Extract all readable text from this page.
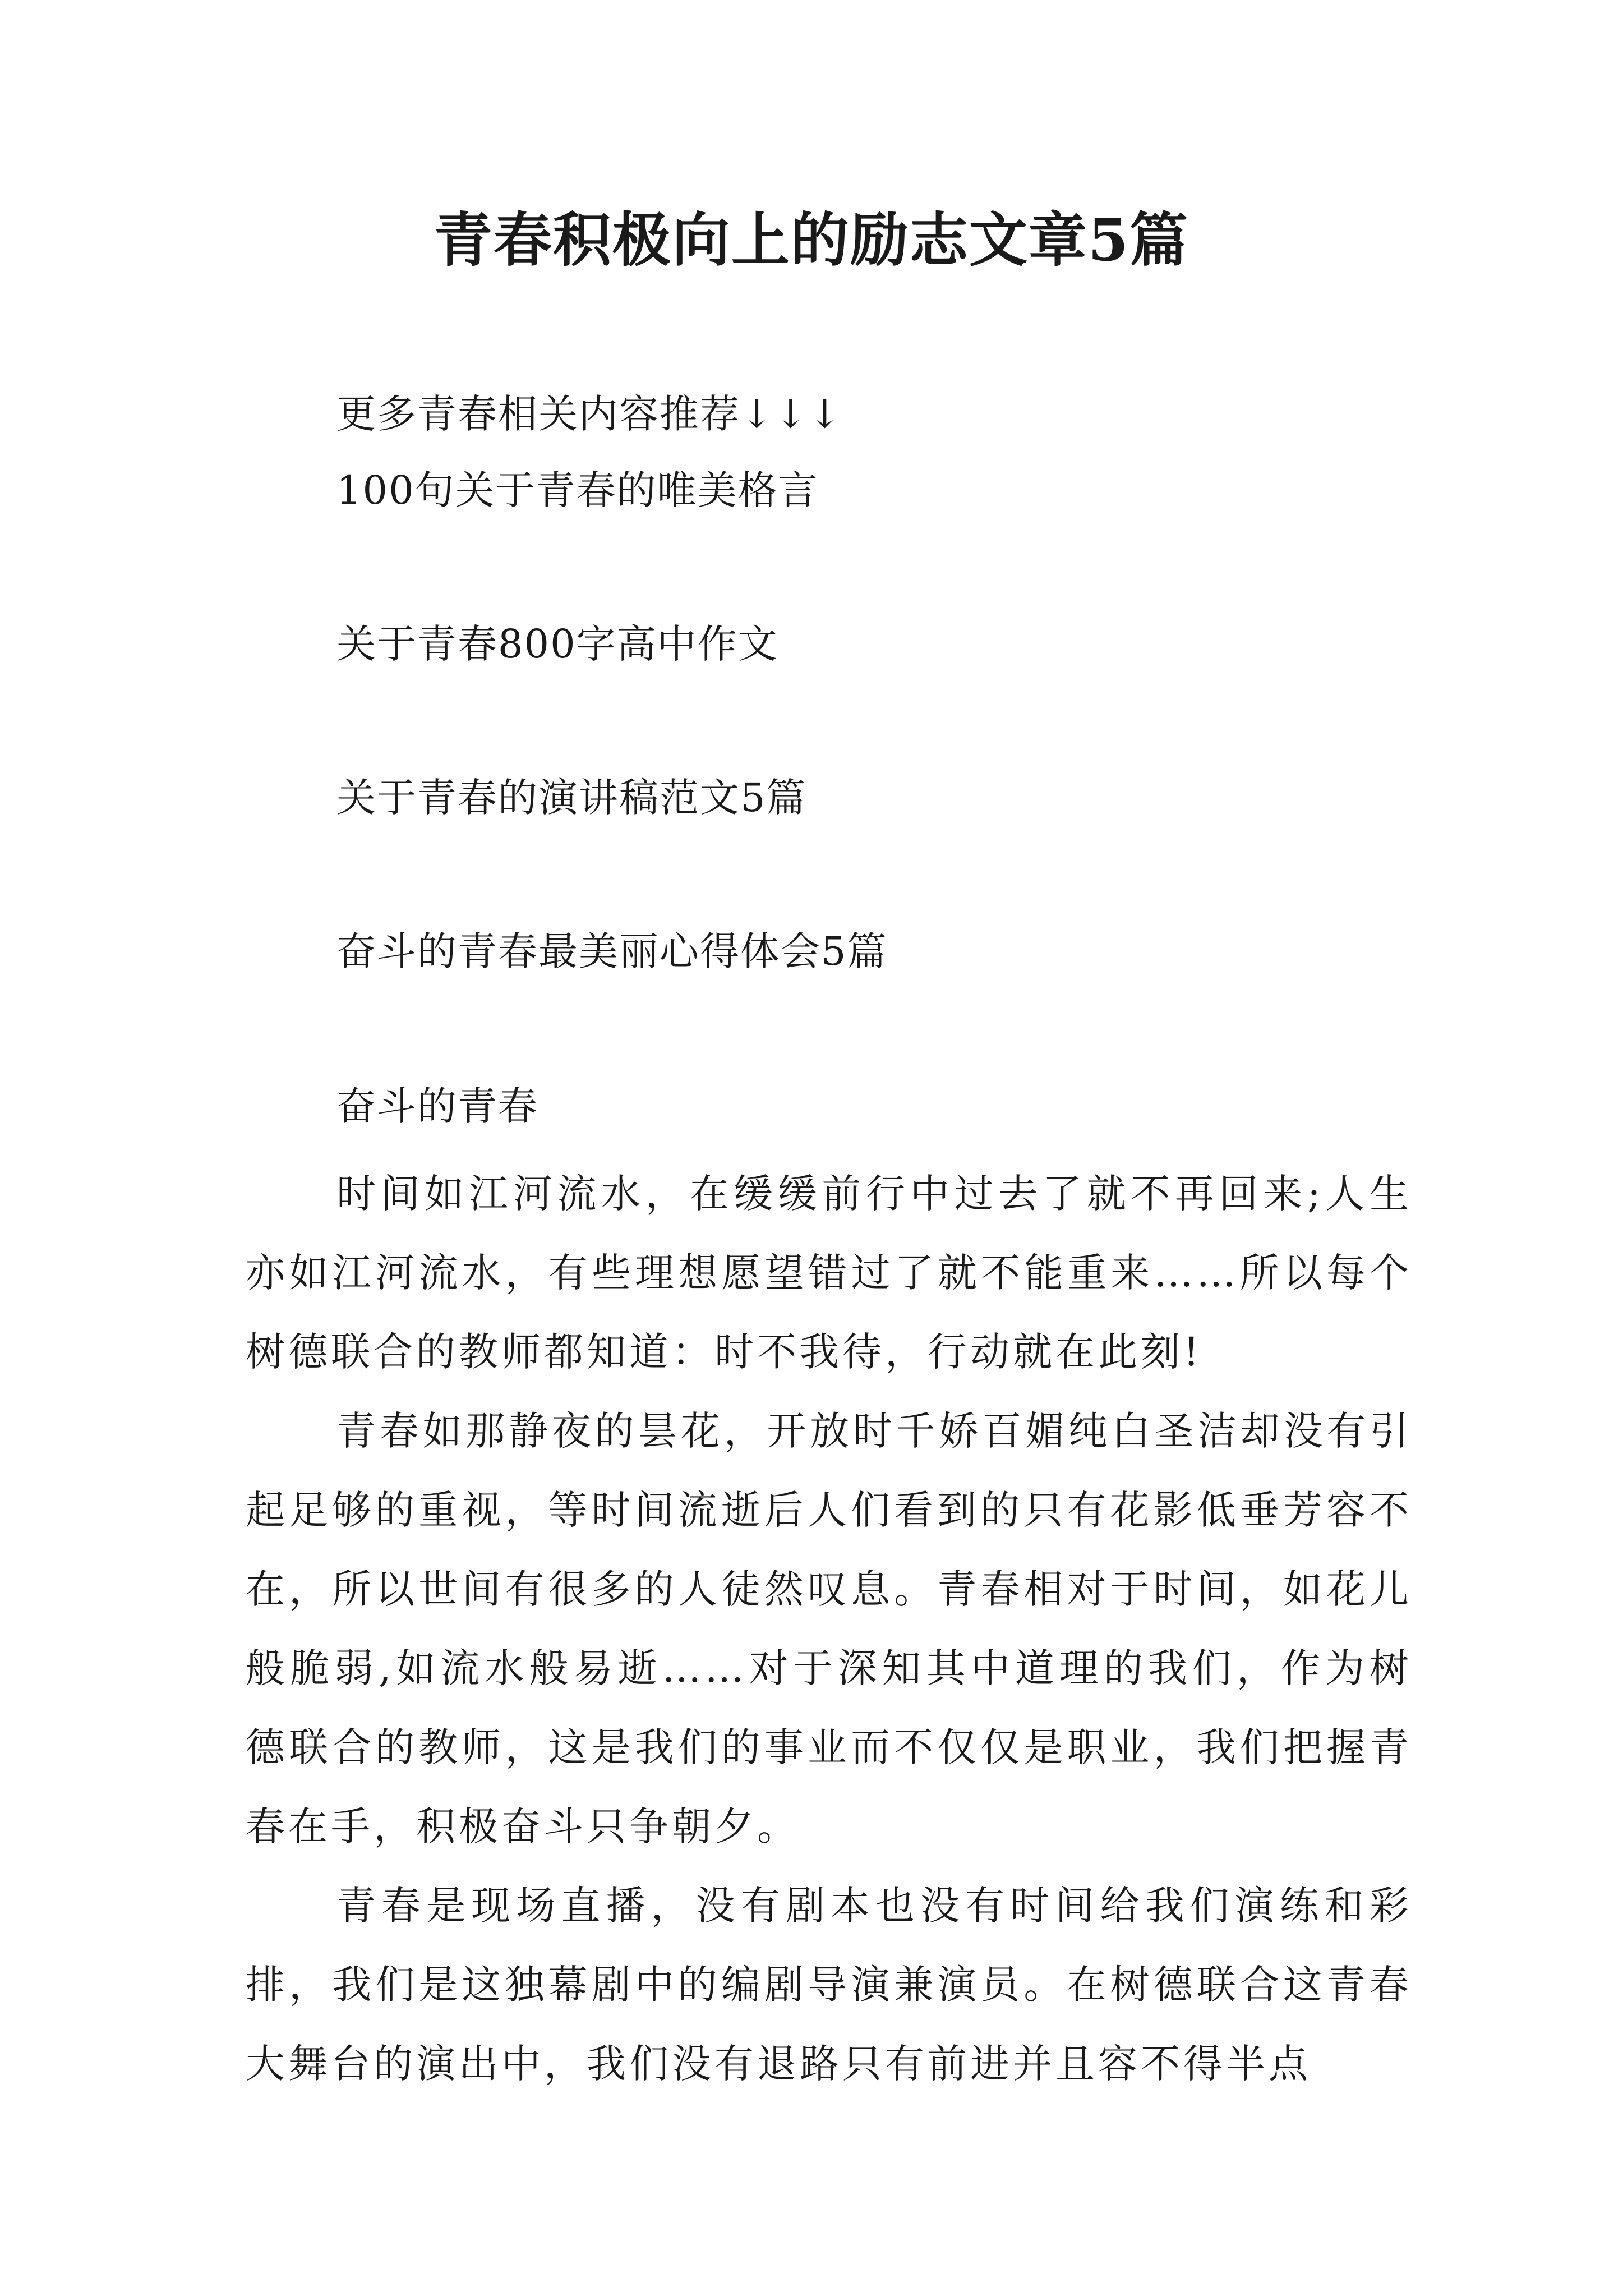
青春积极向上的励志文章5篇
更多青春相关内容推荐↓↓↓
100句关于青春的唯美格言
关于青春800字高中作文
关于青春的演讲稿范文5篇
奋斗的青春最美丽心得体会5篇
奋斗的青春

时间如江河流水，在缓缓前行中过去了就不再回来;人生亦如江河流水，有些理想愿望错过了就不能重来……所以每个树德联合的教师都知道：时不我待，行动就在此刻!

青春如那静夜的昙花，开放时千娇百媚纯白圣洁却没有引起足够的重视，等时间流逝后人们看到的只有花影低垂芳容不在，所以世间有很多的人徒然叹息。青春相对于时间，如花儿般脆弱,如流水般易逝……对于深知其中道理的我们，作为树德联合的教师，这是我们的事业而不仅仅是职业，我们把握青春在手，积极奋斗只争朝夕。

青春是现场直播，没有剧本也没有时间给我们演练和彩排，我们是这独幕剧中的编剧导演兼演员。在树德联合这青春大舞台的演出中，我们没有退路只有前进并且容不得半点
